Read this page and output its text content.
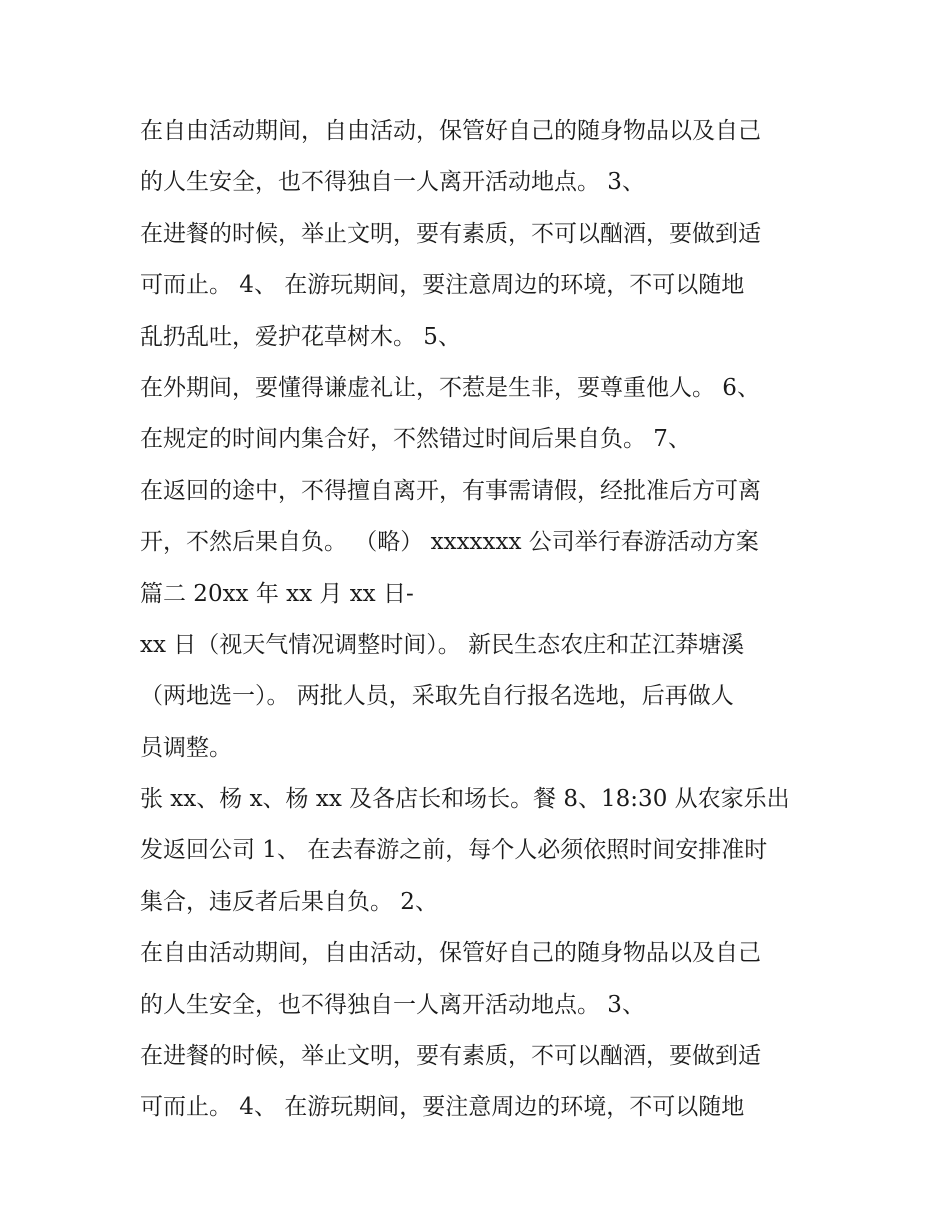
在自由活动期间，自由活动，保管好自己的随身物品以及自己
的人生安全，也不得独自一人离开活动地点。 3、
在进餐的时候，举止文明，要有素质，不可以酗酒，要做到适
可而止。 4、 在游玩期间，要注意周边的环境，不可以随地
乱扔乱吐，爱护花草树木。 5、
在外期间，要懂得谦虚礼让，不惹是生非，要尊重他人。 6、
在规定的时间内集合好，不然错过时间后果自负。 7、
在返回的途中，不得擅自离开，有事需请假，经批准后方可离
开，不然后果自负。 （略） xxxxxxx 公司举行春游活动方案
篇二 20xx 年 xx 月 xx 日-
xx 日（视天气情况调整时间）。 新民生态农庄和芷江莽塘溪
（两地选一）。 两批人员，采取先自行报名选地，后再做人
员调整。
张 xx、杨 x、杨 xx 及各店长和场长。餐 8、18:30 从农家乐出
发返回公司 1、 在去春游之前，每个人必须依照时间安排准时
集合，违反者后果自负。 2、
在自由活动期间，自由活动，保管好自己的随身物品以及自己
的人生安全，也不得独自一人离开活动地点。 3、
在进餐的时候，举止文明，要有素质，不可以酗酒，要做到适
可而止。 4、 在游玩期间，要注意周边的环境，不可以随地
